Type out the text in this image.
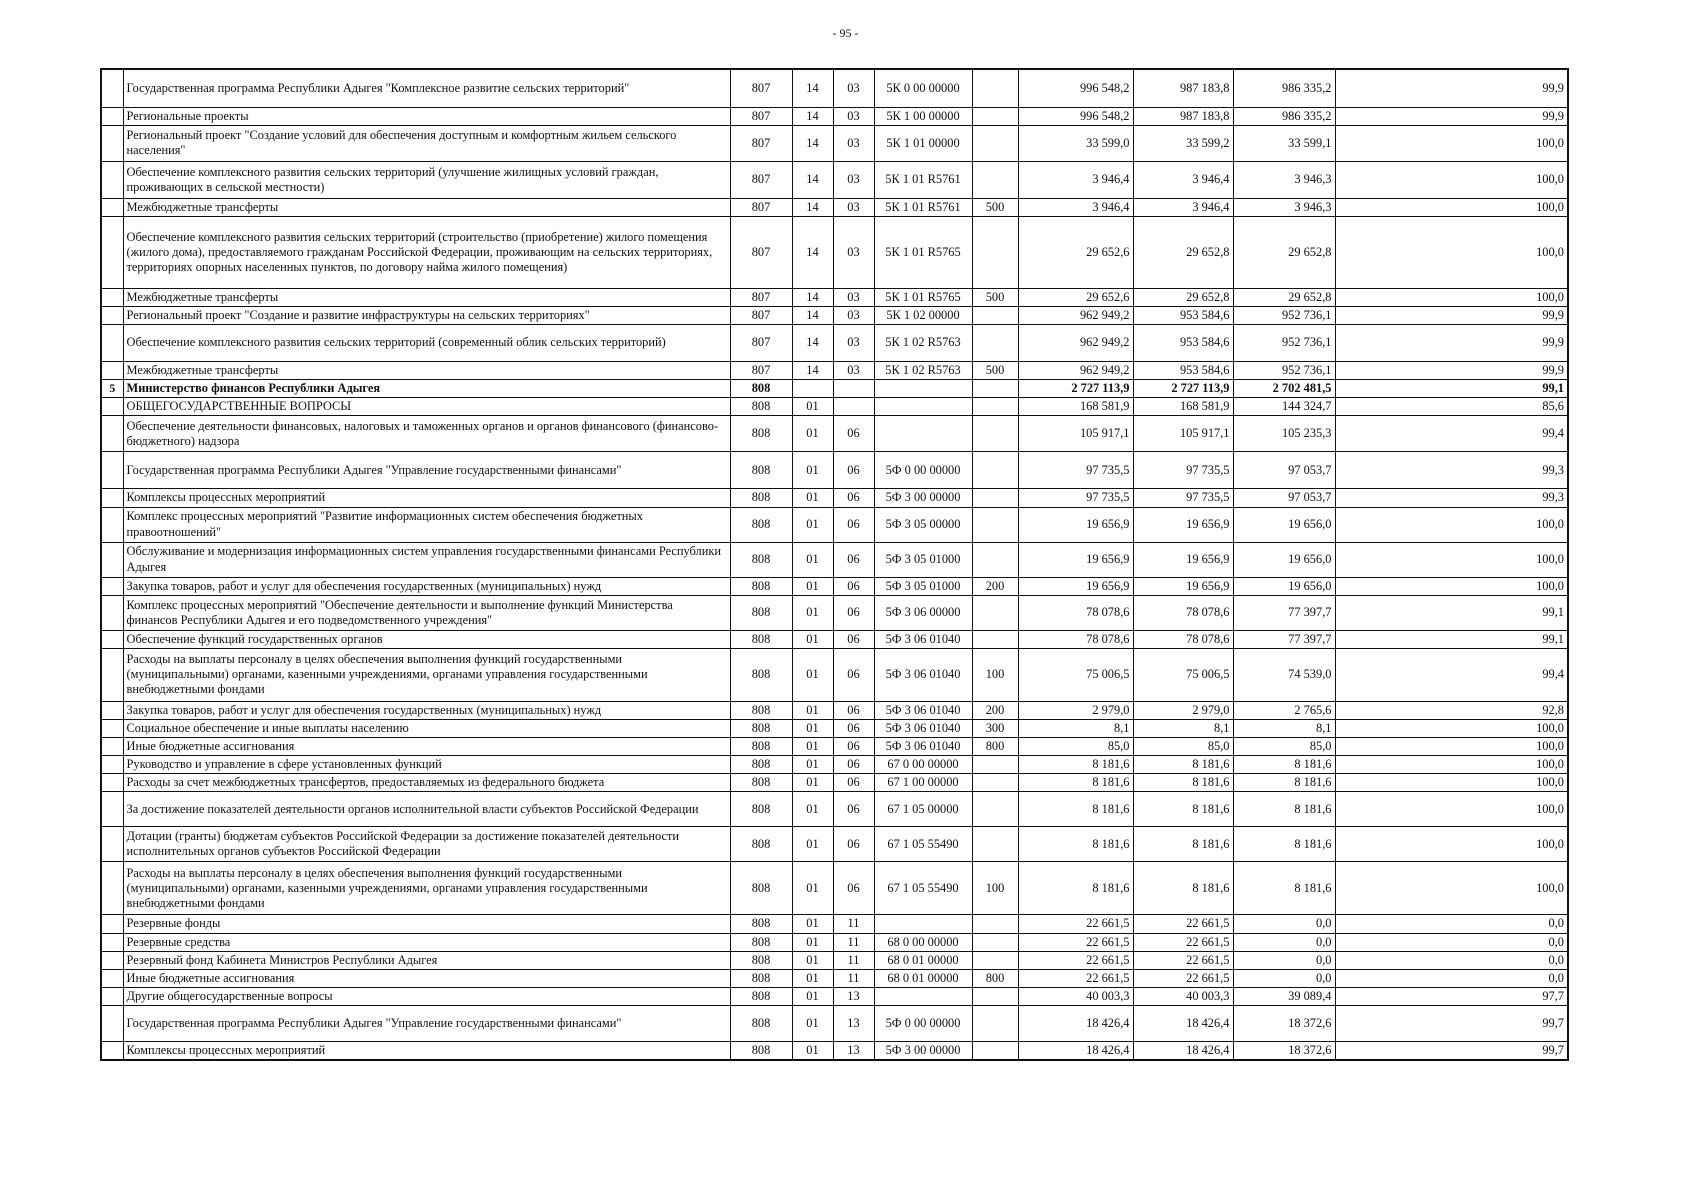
- 95 -
	Государственная программа Республики Адыгея "Комплексное развитие сельских территорий"	807	14	03	5К 0 00 00000		996 548,2	987 183,8	986 335,2	99,9
	Региональные проекты	807	14	03	5К 1 00 00000		996 548,2	987 183,8	986 335,2	99,9
	Региональный проект "Создание условий для обеспечения доступным и комфортным жильем сельского населения"	807	14	03	5К 1 01 00000		33 599,0	33 599,2	33 599,1	100,0
	Обеспечение комплексного развития сельских территорий (улучшение жилищных условий граждан, проживающих в сельской местности)	807	14	03	5К 1 01 R5761		3 946,4	3 946,4	3 946,3	100,0
	Межбюджетные трансферты	807	14	03	5К 1 01 R5761	500	3 946,4	3 946,4	3 946,3	100,0
	Обеспечение комплексного развития сельских территорий (строительство (приобретение) жилого помещения (жилого дома), предоставляемого гражданам Российской Федерации, проживающим на сельских территориях, территориях опорных населенных пунктов, по договору найма жилого помещения)	807	14	03	5К 1 01 R5765		29 652,6	29 652,8	29 652,8	100,0
	Межбюджетные трансферты	807	14	03	5К 1 01 R5765	500	29 652,6	29 652,8	29 652,8	100,0
	Региональный проект "Создание и развитие инфраструктуры на сельских территориях"	807	14	03	5К 1 02 00000		962 949,2	953 584,6	952 736,1	99,9
	Обеспечение комплексного развития сельских территорий (современный облик сельских территорий)	807	14	03	5К 1 02 R5763		962 949,2	953 584,6	952 736,1	99,9
	Межбюджетные трансферты	807	14	03	5К 1 02 R5763	500	962 949,2	953 584,6	952 736,1	99,9
5	Министерство финансов Республики Адыгея	808					2 727 113,9	2 727 113,9	2 702 481,5	99,1
	ОБЩЕГОСУДАРСТВЕННЫЕ ВОПРОСЫ	808	01				168 581,9	168 581,9	144 324,7	85,6
	Обеспечение деятельности финансовых, налоговых и таможенных органов и органов финансового (финансово-бюджетного) надзора	808	01	06			105 917,1	105 917,1	105 235,3	99,4
	Государственная программа Республики Адыгея "Управление государственными финансами"	808	01	06	5Ф 0 00 00000		97 735,5	97 735,5	97 053,7	99,3
	Комплексы процессных мероприятий	808	01	06	5Ф 3 00 00000		97 735,5	97 735,5	97 053,7	99,3
	Комплекс процессных мероприятий "Развитие информационных систем обеспечения бюджетных правоотношений"	808	01	06	5Ф 3 05 00000		19 656,9	19 656,9	19 656,0	100,0
	Обслуживание и модернизация информационных систем управления государственными финансами Республики Адыгея	808	01	06	5Ф 3 05 01000		19 656,9	19 656,9	19 656,0	100,0
	Закупка товаров, работ и услуг для обеспечения государственных (муниципальных) нужд	808	01	06	5Ф 3 05 01000	200	19 656,9	19 656,9	19 656,0	100,0
	Комплекс процессных мероприятий "Обеспечение деятельности и выполнение функций Министерства финансов Республики Адыгея и его подведомственного учреждения"	808	01	06	5Ф 3 06 00000		78 078,6	78 078,6	77 397,7	99,1
	Обеспечение функций государственных органов	808	01	06	5Ф 3 06 01040		78 078,6	78 078,6	77 397,7	99,1
	Расходы на выплаты персоналу в целях обеспечения выполнения функций государственными (муниципальными) органами, казенными учреждениями, органами управления государственными внебюджетными фондами	808	01	06	5Ф 3 06 01040	100	75 006,5	75 006,5	74 539,0	99,4
	Закупка товаров, работ и услуг для обеспечения государственных (муниципальных) нужд	808	01	06	5Ф 3 06 01040	200	2 979,0	2 979,0	2 765,6	92,8
	Социальное обеспечение и иные выплаты населению	808	01	06	5Ф 3 06 01040	300	8,1	8,1	8,1	100,0
	Иные бюджетные ассигнования	808	01	06	5Ф 3 06 01040	800	85,0	85,0	85,0	100,0
	Руководство и управление в сфере установленных функций	808	01	06	67 0 00 00000		8 181,6	8 181,6	8 181,6	100,0
	Расходы за счет межбюджетных трансфертов, предоставляемых из федерального бюджета	808	01	06	67 1 00 00000		8 181,6	8 181,6	8 181,6	100,0
	За достижение показателей деятельности органов исполнительной власти субъектов Российской Федерации	808	01	06	67 1 05 00000		8 181,6	8 181,6	8 181,6	100,0
	Дотации (гранты) бюджетам субъектов Российской Федерации за достижение показателей деятельности исполнительных органов субъектов Российской Федерации	808	01	06	67 1 05 55490		8 181,6	8 181,6	8 181,6	100,0
	Расходы на выплаты персоналу в целях обеспечения выполнения функций государственными (муниципальными) органами, казенными учреждениями, органами управления государственными внебюджетными фондами	808	01	06	67 1 05 55490	100	8 181,6	8 181,6	8 181,6	100,0
	Резервные фонды	808	01	11			22 661,5	22 661,5	0,0	0,0
	Резервные средства	808	01	11	68 0 00 00000		22 661,5	22 661,5	0,0	0,0
	Резервный фонд Кабинета Министров Республики Адыгея	808	01	11	68 0 01 00000		22 661,5	22 661,5	0,0	0,0
	Иные бюджетные ассигнования	808	01	11	68 0 01 00000	800	22 661,5	22 661,5	0,0	0,0
	Другие общегосударственные вопросы	808	01	13			40 003,3	40 003,3	39 089,4	97,7
	Государственная программа Республики Адыгея "Управление государственными финансами"	808	01	13	5Ф 0 00 00000		18 426,4	18 426,4	18 372,6	99,7
	Комплексы процессных мероприятий	808	01	13	5Ф 3 00 00000		18 426,4	18 426,4	18 372,6	99,7
